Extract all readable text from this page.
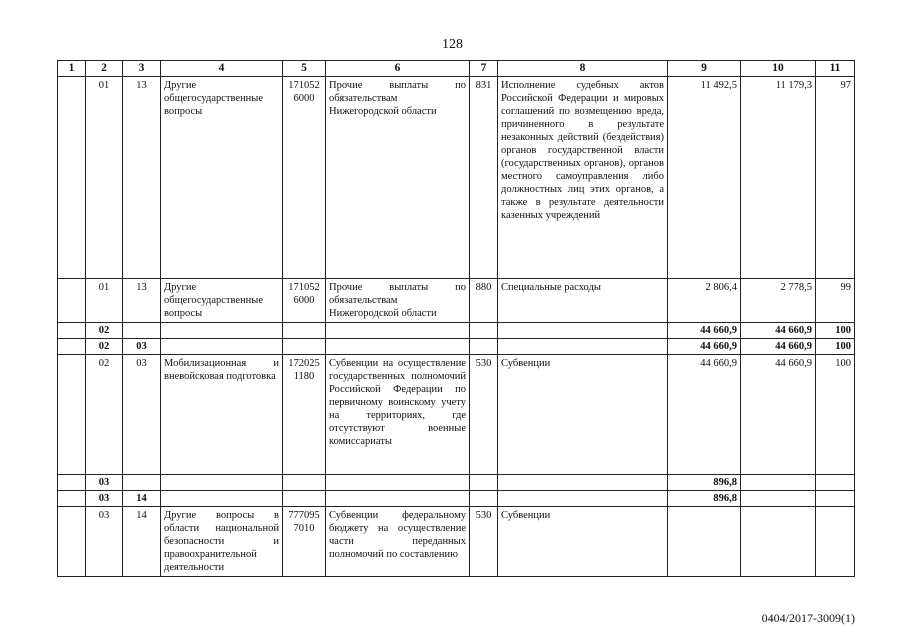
128
1	2	3	4	5	6	7	8	9	10	11
	01	13	Другие общегосударственные вопросы	171052 6000	Прочие выплаты по обязательствам Нижегородской области	831	Исполнение судебных актов Российской Федерации и мировых соглашений по возмещению вреда, причиненного в результате незаконных действий (бездействия) органов государственной власти (государственных органов), органов местного самоуправления либо должностных лиц этих органов, а также в результате деятельности казенных учреждений	11 492,5	11 179,3	97
	01	13	Другие общегосударственные вопросы	171052 6000	Прочие выплаты по обязательствам Нижегородской области	880	Специальные расходы	2 806,4	2 778,5	99
	02							44 660,9	44 660,9	100
	02	03						44 660,9	44 660,9	100
	02	03	Мобилизационная и вневойсковая подготовка	172025 1180	Субвенции на осуществление государственных полномочий Российской Федерации по первичному воинскому учету на территориях, где отсутствуют военные комиссариаты	530	Субвенции	44 660,9	44 660,9	100
	03							896,8		
	03	14						896,8		
	03	14	Другие вопросы в области национальной безопасности и правоохранительной деятельности	777095 7010	Субвенции федеральному бюджету на осуществление части переданных полномочий по составлению	530	Субвенции			
0404/2017-3009(1)
